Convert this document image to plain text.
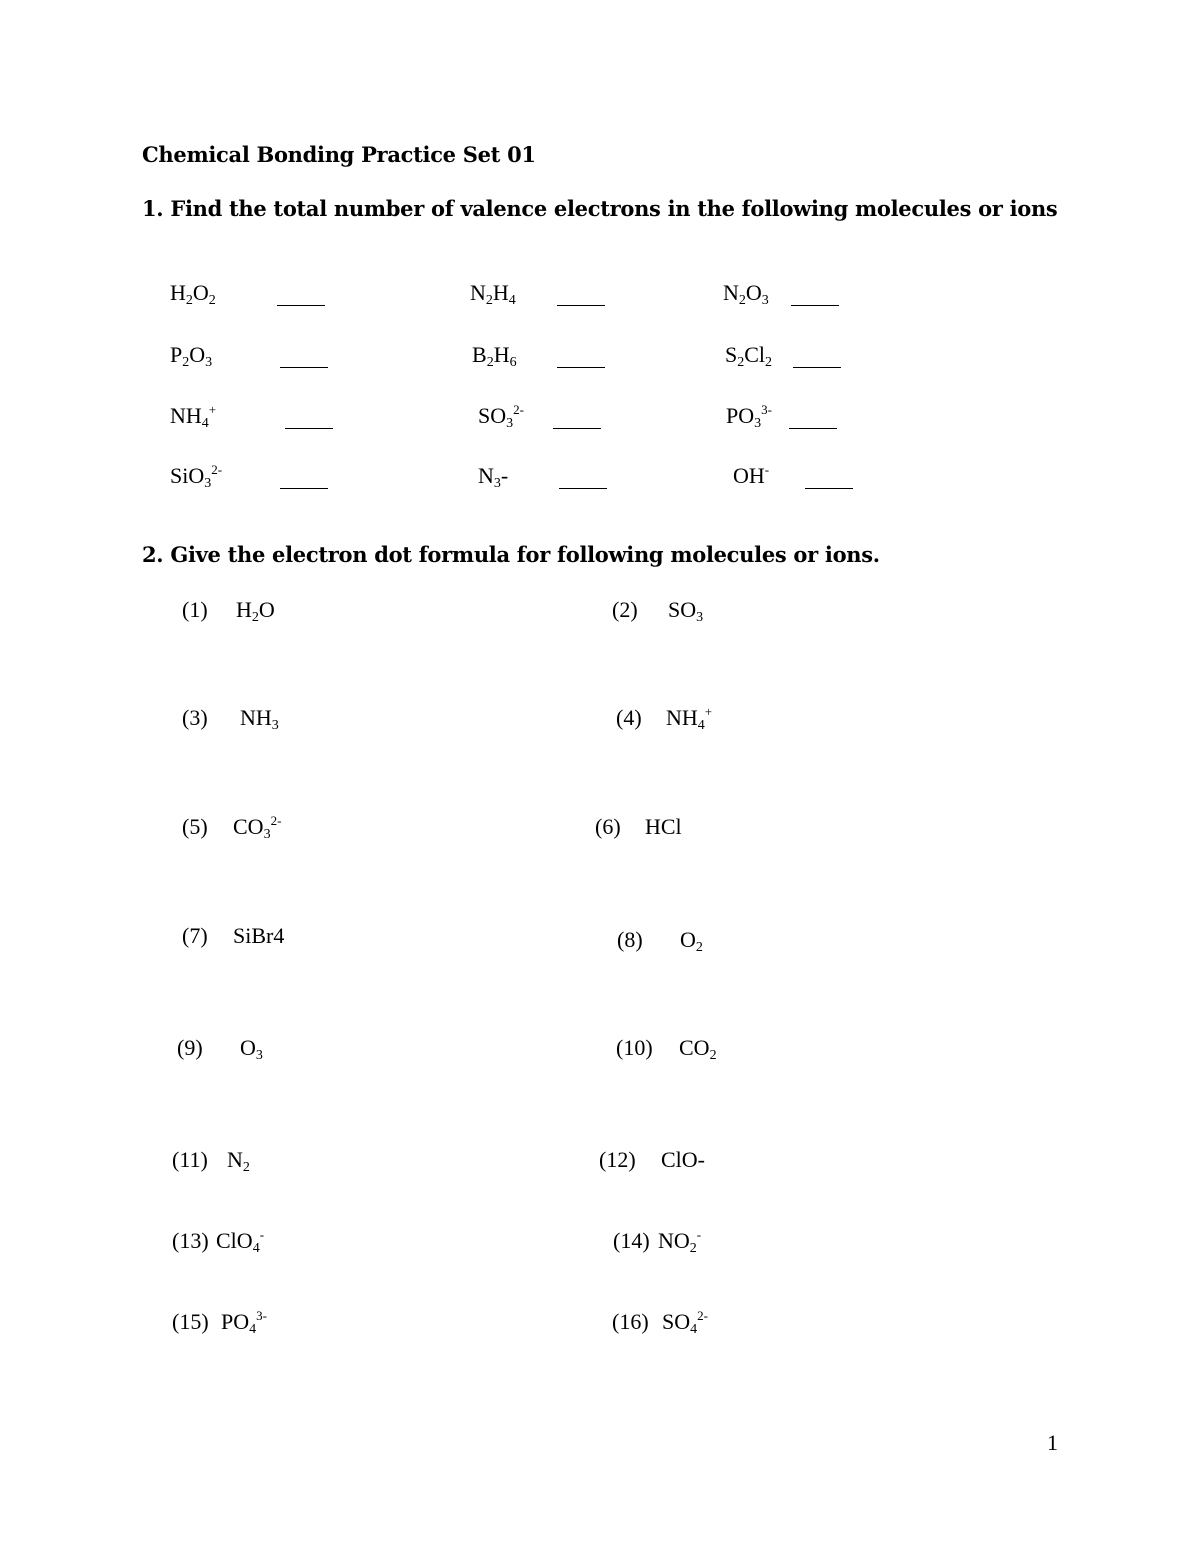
Chemical Bonding Practice Set 01
1. Find the total number of valence electrons in the following molecules or ions
$H_2O_2$	$N_2H_4$	$N_2O_3$
$P_2O_3$	$B_2H_6$	$S_2Cl_2$
$NH_4^+$	$SO_3^{2-}$	$PO_3^{3-}$
SiO$_3^{2-}$	$N_3-$	OH-
2. Give the electron dot formula for following molecules or ions.
(1) $H_2O$	(2) $SO_3$
(3) $NH_3$	(4) $NH_4^+$
(5) $CO_3^{2-}$	(6) HCl
(7) SiBr4	(8) $O_2$
(9) $O_3$	(10) $CO_2$
(11) $N_2$	(12) ClO-
(13) ClO$_4$-	(14) $NO_2^-$
(15) $PO_4^{3-}$	(16) $SO_4^{2-}$
1
